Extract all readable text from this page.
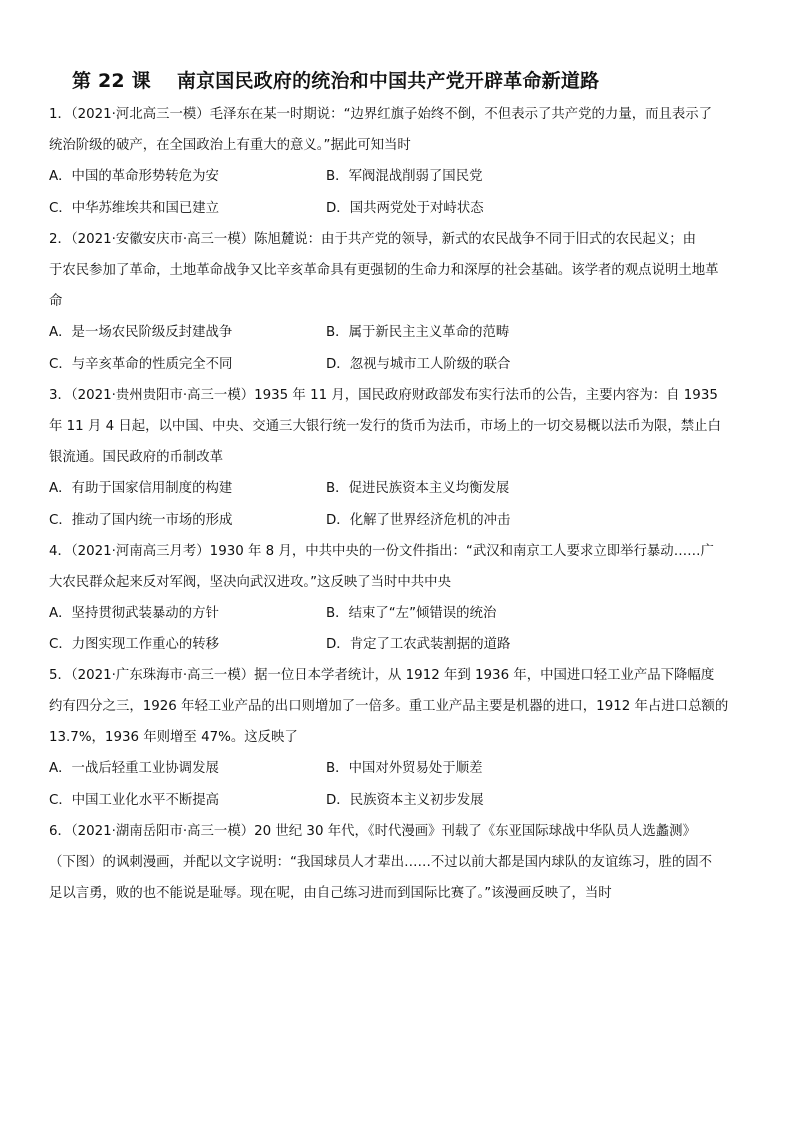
第 22 课 南京国民政府的统治和中国共产党开辟革命新道路
1．（2021·河北高三一模）毛泽东在某一时期说：“边界红旗子始终不倒，不但表示了共产党的力量，而且表示了
统治阶级的破产，在全国政治上有重大的意义。”据此可知当时
A．中国的革命形势转危为安	B．军阀混战削弱了国民党
C．中华苏维埃共和国已建立	D．国共两党处于对峙状态
2．（2021·安徽安庆市·高三一模）陈旭麓说：由于共产党的领导，新式的农民战争不同于旧式的农民起义；由
于农民参加了革命，土地革命战争又比辛亥革命具有更强韧的生命力和深厚的社会基础。该学者的观点说明土地革
命
A．是一场农民阶级反封建战争	B．属于新民主主义革命的范畴
C．与辛亥革命的性质完全不同	D．忽视与城市工人阶级的联合
3．（2021·贵州贵阳市·高三一模）1935 年 11 月，国民政府财政部发布实行法币的公告，主要内容为：自 1935
年 11 月 4 日起，以中国、中央、交通三大银行统一发行的货币为法币，市场上的一切交易概以法币为限，禁止白
银流通。国民政府的币制改革
A．有助于国家信用制度的构建	B．促进民族资本主义均衡发展
C．推动了国内统一市场的形成	D．化解了世界经济危机的冲击
4．（2021·河南高三月考）1930 年 8 月，中共中央的一份文件指出：“武汉和南京工人要求立即举行暴动……广
大农民群众起来反对军阀，坚决向武汉进攻。”这反映了当时中共中央
A．坚持贯彻武装暴动的方针	B．结束了“左”倾错误的统治
C．力图实现工作重心的转移	D．肯定了工农武装割据的道路
5．（2021·广东珠海市·高三一模）据一位日本学者统计，从 1912 年到 1936 年，中国进口轻工业产品下降幅度
约有四分之三，1926 年轻工业产品的出口则增加了一倍多。重工业产品主要是机器的进口，1912 年占进口总额的
13.7%，1936 年则增至 47%。这反映了
A．一战后轻重工业协调发展	B．中国对外贸易处于顺差
C．中国工业化水平不断提高	D．民族资本主义初步发展
6．（2021·湖南岳阳市·高三一模）20 世纪 30 年代，《时代漫画》刊载了《东亚国际球战中华队员人选蠡测》
（下图）的讽刺漫画，并配以文字说明：“我国球员人才辈出……不过以前大都是国内球队的友谊练习，胜的固不
足以言勇，败的也不能说是耻辱。现在呢，由自己练习进而到国际比赛了。”该漫画反映了，当时
